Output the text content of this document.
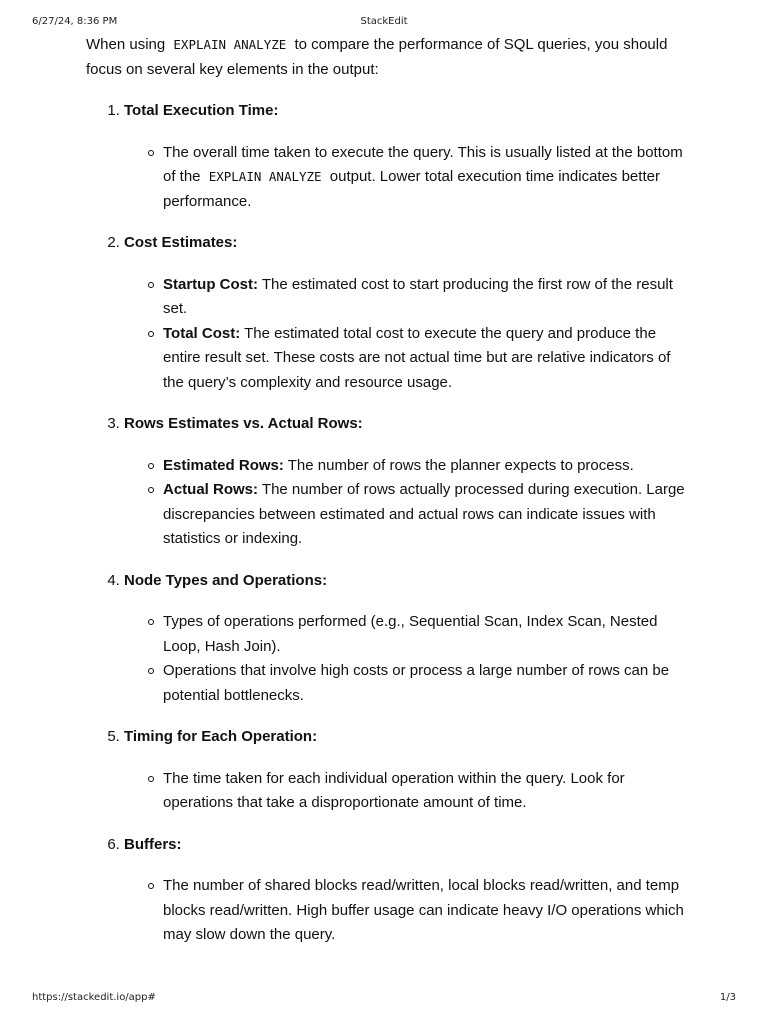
6/27/24, 8:36 PM	StackEdit

When using EXPLAIN ANALYZE to compare the performance of SQL queries, you should focus on several key elements in the output:

1. Total Execution Time:
The overall time taken to execute the query. This is usually listed at the bottom of the EXPLAIN ANALYZE output. Lower total execution time indicates better performance.
2. Cost Estimates:
Startup Cost: The estimated cost to start producing the first row of the result set.
Total Cost: The estimated total cost to execute the query and produce the entire result set. These costs are not actual time but are relative indicators of the query’s complexity and resource usage.
3. Rows Estimates vs. Actual Rows:
Estimated Rows: The number of rows the planner expects to process.
Actual Rows: The number of rows actually processed during execution. Large discrepancies between estimated and actual rows can indicate issues with statistics or indexing.
4. Node Types and Operations:
Types of operations performed (e.g., Sequential Scan, Index Scan, Nested Loop, Hash Join).
Operations that involve high costs or process a large number of rows can be potential bottlenecks.
5. Timing for Each Operation:
The time taken for each individual operation within the query. Look for operations that take a disproportionate amount of time.
6. Buffers:
The number of shared blocks read/written, local blocks read/written, and temp blocks read/written. High buffer usage can indicate heavy I/O operations which may slow down the query.
https://stackedit.io/app#	1/3
